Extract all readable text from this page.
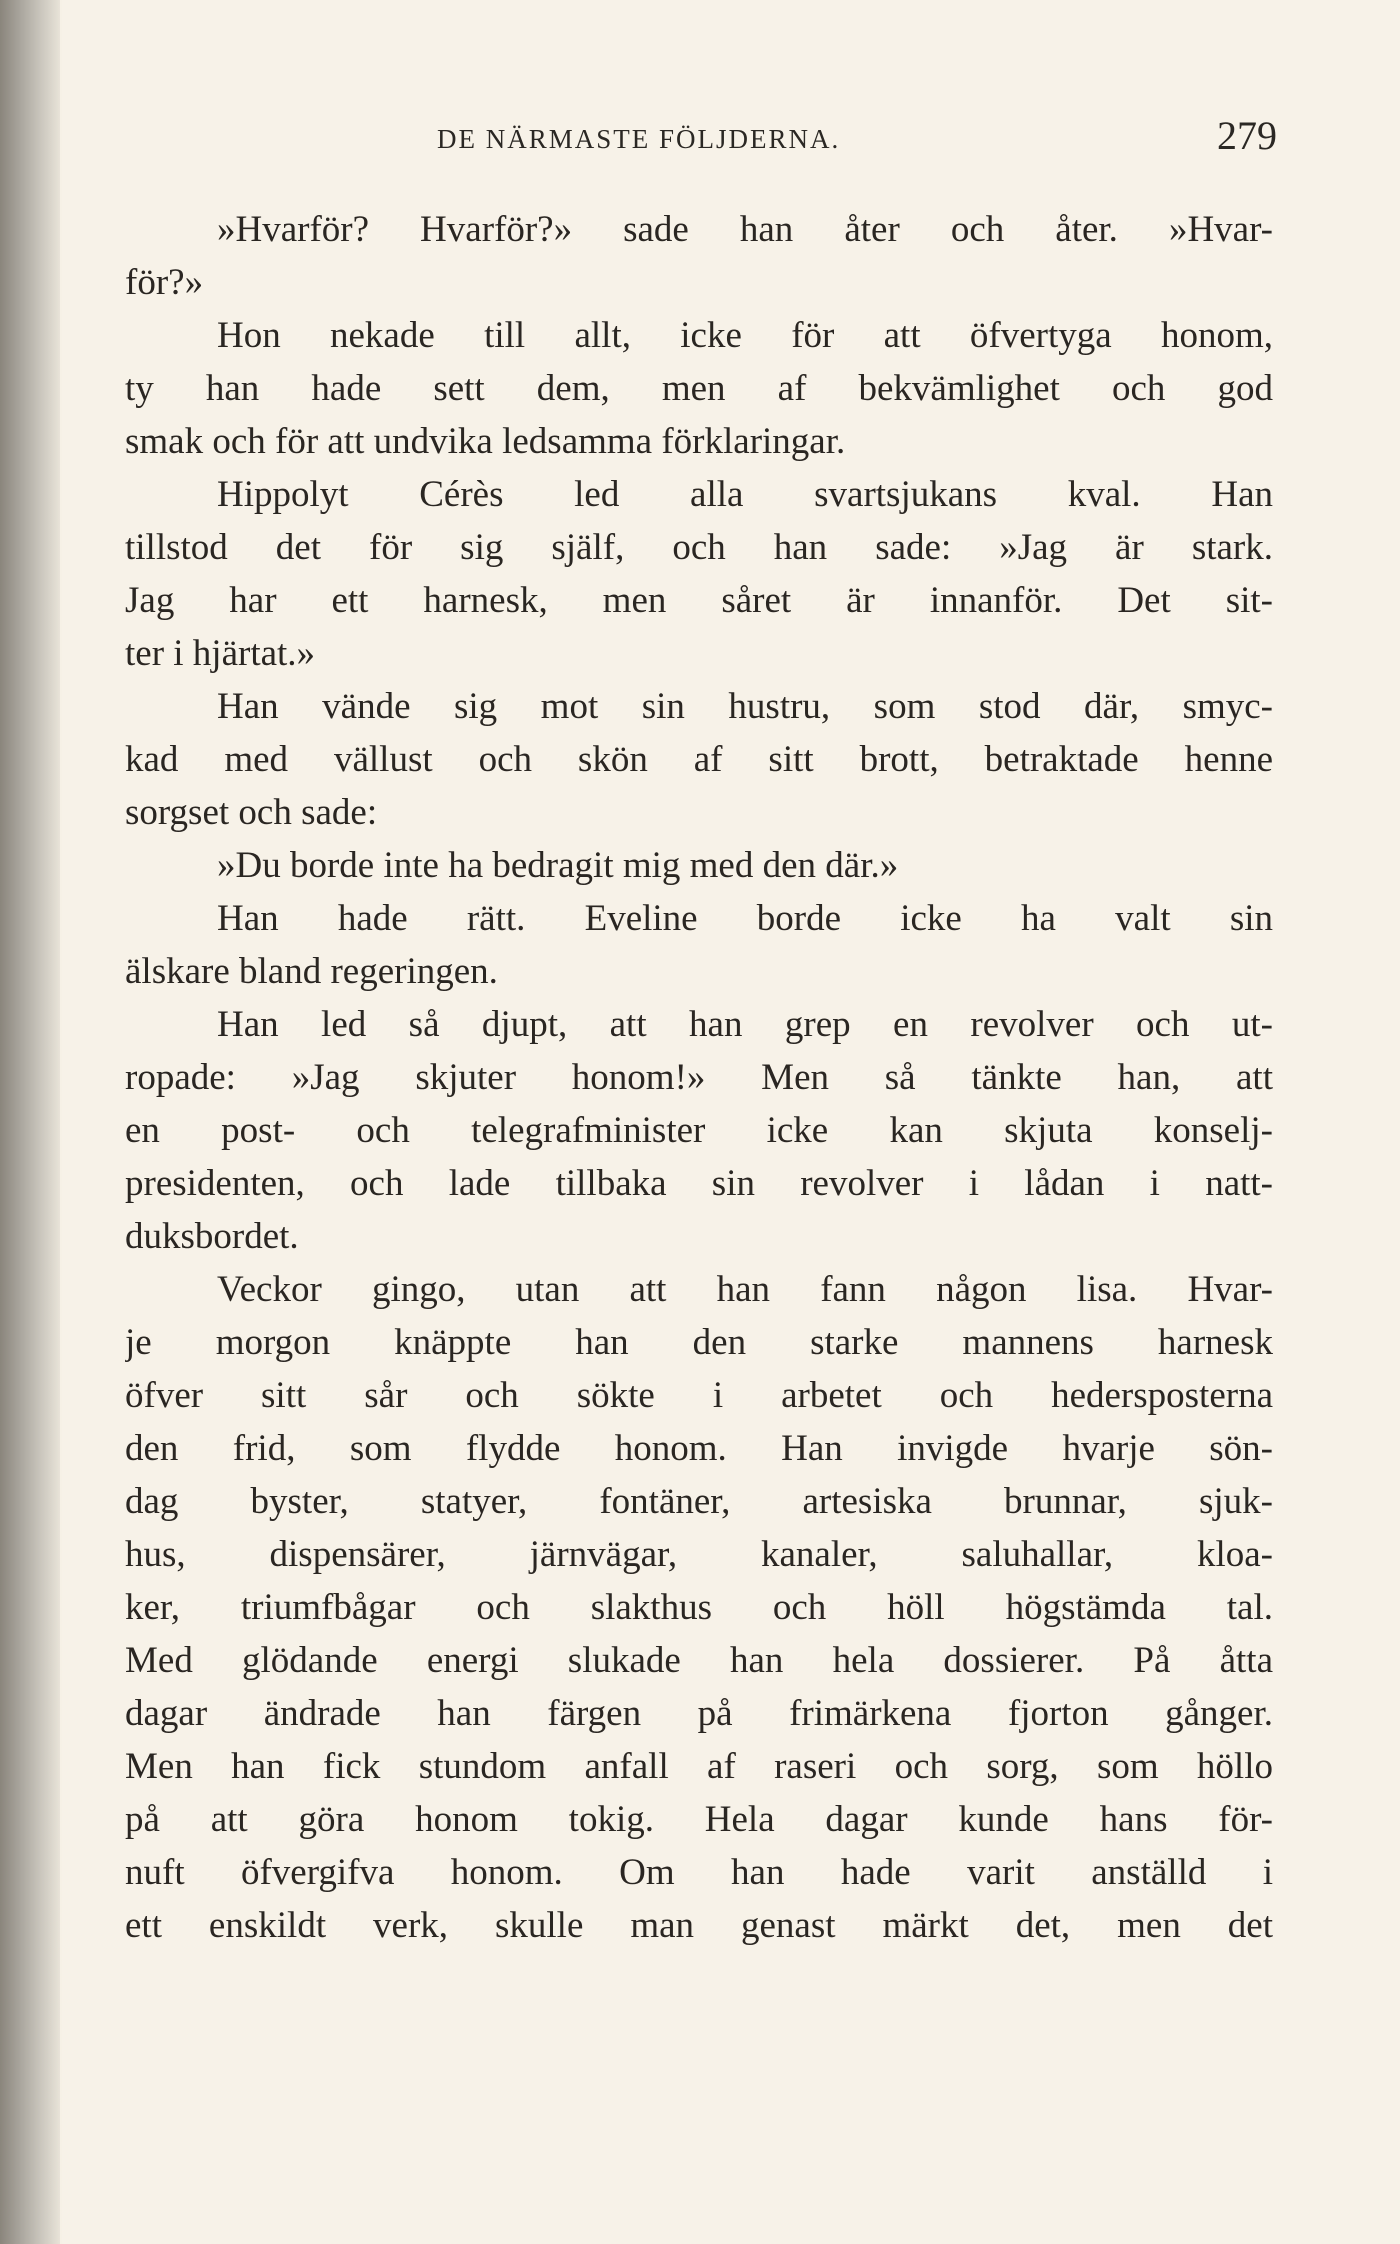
DE NÄRMASTE FÖLJDERNA.	279
»Hvarför? Hvarför?» sade han åter och åter. »Hvar-
för?»
Hon nekade till allt, icke för att öfvertyga honom,
ty han hade sett dem, men af bekvämlighet och god
smak och för att undvika ledsamma förklaringar.
Hippolyt Cérès led alla svartsjukans kval. Han
tillstod det för sig själf, och han sade: »Jag är stark.
Jag har ett harnesk, men såret är innanför. Det sit-
ter i hjärtat.»
Han vände sig mot sin hustru, som stod där, smyc-
kad med vällust och skön af sitt brott, betraktade henne
sorgset och sade:
»Du borde inte ha bedragit mig med den där.»
Han hade rätt. Eveline borde icke ha valt sin
älskare bland regeringen.
Han led så djupt, att han grep en revolver och ut-
ropade: »Jag skjuter honom!» Men så tänkte han, att
en post- och telegrafminister icke kan skjuta konselj-
presidenten, och lade tillbaka sin revolver i lådan i natt-
duksbordet.
Veckor gingo, utan att han fann någon lisa. Hvar-
je morgon knäppte han den starke mannens harnesk
öfver sitt sår och sökte i arbetet och hedersposterna
den frid, som flydde honom. Han invigde hvarje sön-
dag byster, statyer, fontäner, artesiska brunnar, sjuk-
hus, dispensärer, järnvägar, kanaler, saluhallar, kloa-
ker, triumfbågar och slakthus och höll högstämda tal.
Med glödande energi slukade han hela dossierer. På åtta
dagar ändrade han färgen på frimärkena fjorton gånger.
Men han fick stundom anfall af raseri och sorg, som höllo
på att göra honom tokig. Hela dagar kunde hans för-
nuft öfvergifva honom. Om han hade varit anställd i
ett enskildt verk, skulle man genast märkt det, men det
